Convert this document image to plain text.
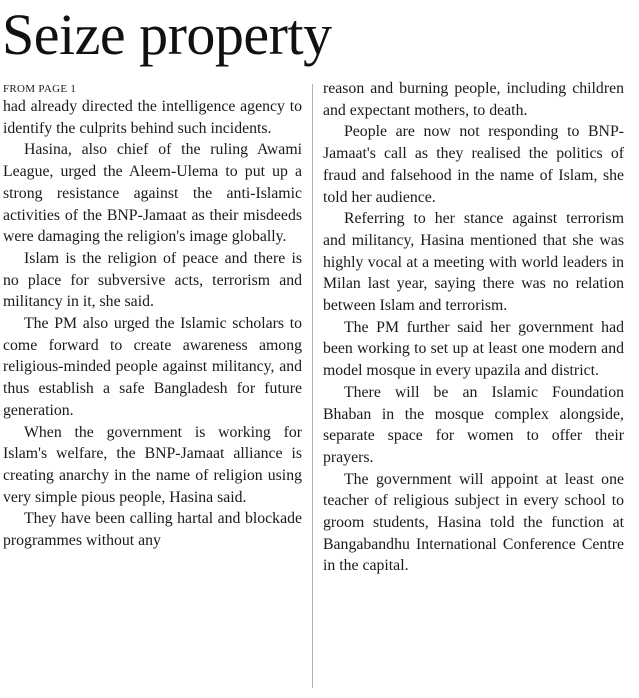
Seize property
FROM PAGE 1

had already directed the intelligence agency to identify the culprits behind such incidents.

Hasina, also chief of the ruling Awami League, urged the Aleem-Ulema to put up a strong resistance against the anti-Islamic activities of the BNP-Jamaat as their misdeeds were damaging the religion's image globally.

Islam is the religion of peace and there is no place for subversive acts, terrorism and militancy in it, she said.

The PM also urged the Islamic scholars to come forward to create awareness among religious-minded people against militancy, and thus establish a safe Bangladesh for future generation.

When the government is working for Islam's welfare, the BNP-Jamaat alliance is creating anarchy in the name of religion using very simple pious people, Hasina said.

They have been calling hartal and blockade programmes without any

reason and burning people, including children and expectant mothers, to death.

People are now not responding to BNP-Jamaat's call as they realised the politics of fraud and falsehood in the name of Islam, she told her audience.

Referring to her stance against terrorism and militancy, Hasina mentioned that she was highly vocal at a meeting with world leaders in Milan last year, saying there was no relation between Islam and terrorism.

The PM further said her government had been working to set up at least one modern and model mosque in every upazila and district.

There will be an Islamic Foundation Bhaban in the mosque complex alongside, separate space for women to offer their prayers.

The government will appoint at least one teacher of religious subject in every school to groom students, Hasina told the function at Bangabandhu International Conference Centre in the capital.
